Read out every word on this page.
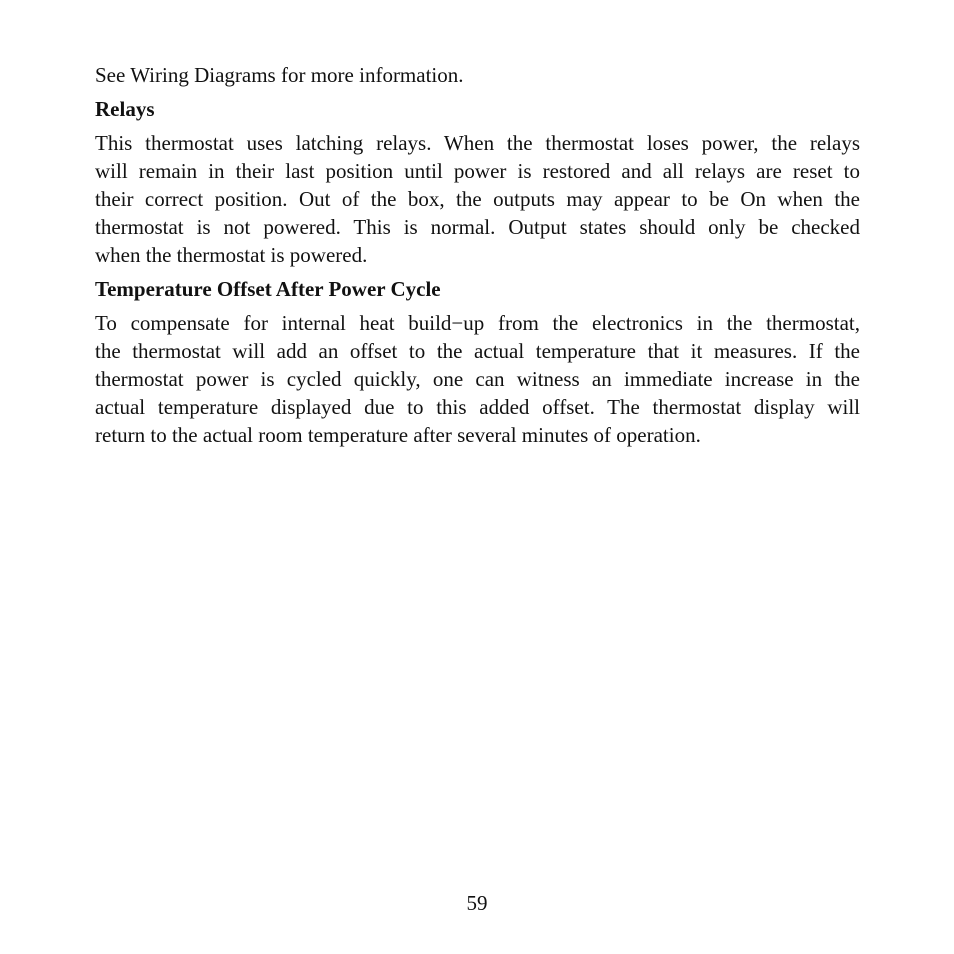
See Wiring Diagrams for more information.

Relays
This thermostat uses latching relays. When the thermostat loses power, the relays
will remain in their last position until power is restored and all relays are reset to
their correct position. Out of the box, the outputs may appear to be On when the
thermostat is not powered. This is normal. Output states should only be checked
when the thermostat is powered.
Temperature Offset After Power Cycle
To compensate for internal heat build−up from the electronics in the thermostat,
the thermostat will add an offset to the actual temperature that it measures. If the
thermostat power is cycled quickly, one can witness an immediate increase in the
actual temperature displayed due to this added offset. The thermostat display will
return to the actual room temperature after several minutes of operation.
59
